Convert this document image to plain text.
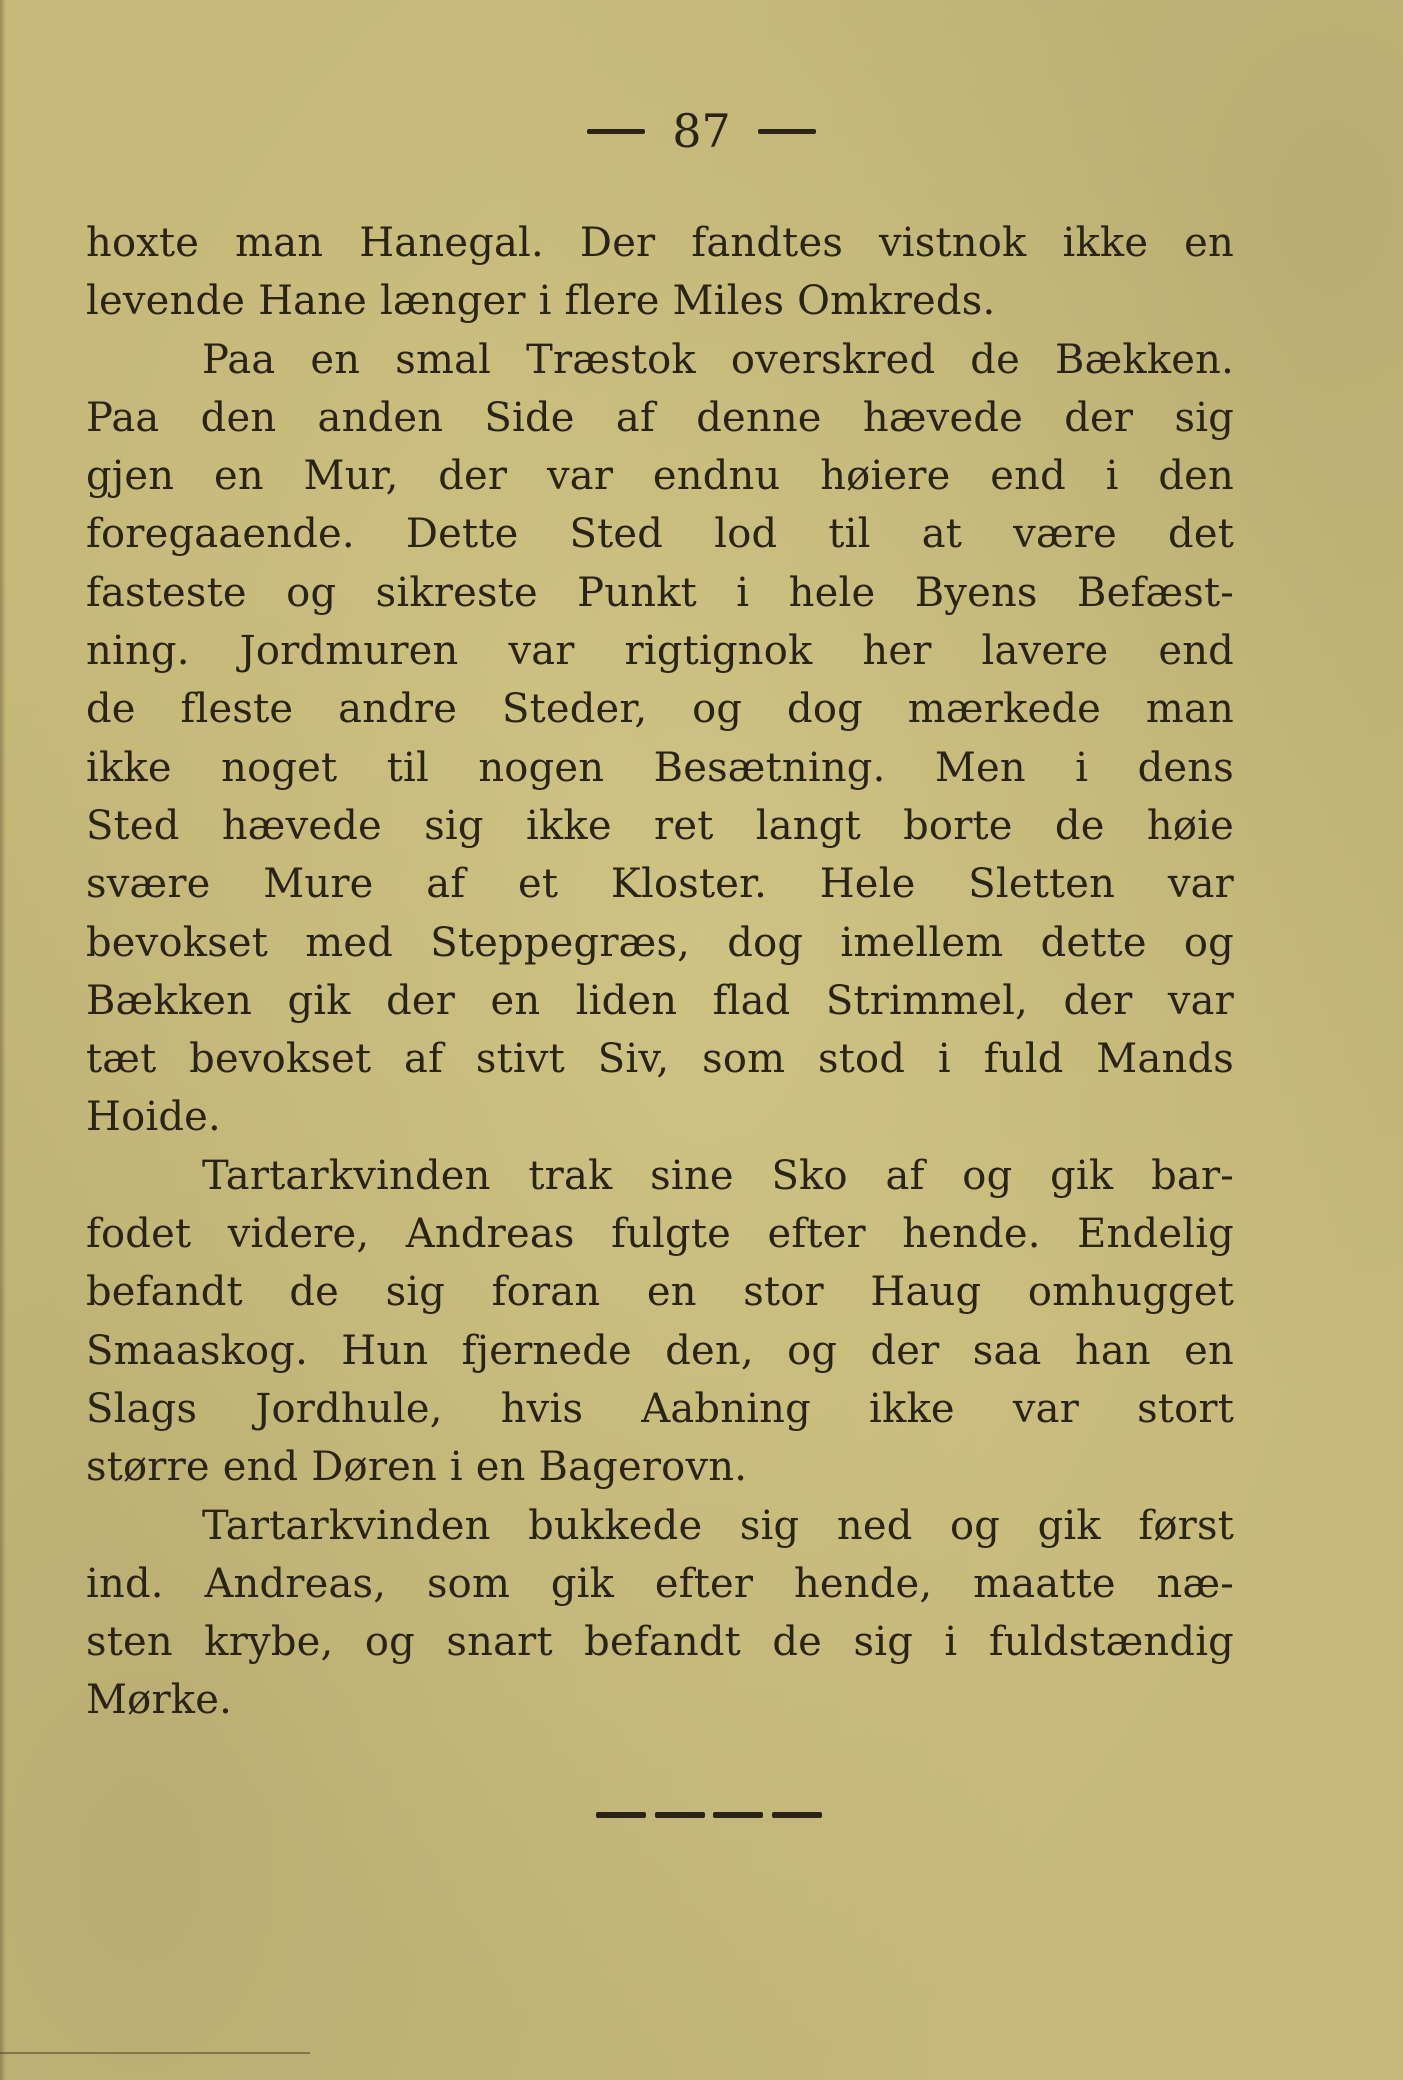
87
hoxte man Hanegal. Der fandtes vistnok ikke en
levende Hane længer i flere Miles Omkreds.
Paa en smal Træstok overskred de Bækken.
Paa den anden Side af denne hævede der sig
gjen en Mur, der var endnu høiere end i den
foregaaende. Dette Sted lod til at være det
fasteste og sikreste Punkt i hele Byens Befæst-
ning. Jordmuren var rigtignok her lavere end
de fleste andre Steder, og dog mærkede man
ikke noget til nogen Besætning. Men i dens
Sted hævede sig ikke ret langt borte de høie
svære Mure af et Kloster. Hele Sletten var
bevokset med Steppegræs, dog imellem dette og
Bækken gik der en liden flad Strimmel, der var
tæt bevokset af stivt Siv, som stod i fuld Mands
Hoide.
Tartarkvinden trak sine Sko af og gik bar-
fodet videre, Andreas fulgte efter hende. Endelig
befandt de sig foran en stor Haug omhugget
Smaaskog. Hun fjernede den, og der saa han en
Slags Jordhule, hvis Aabning ikke var stort
større end Døren i en Bagerovn.
Tartarkvinden bukkede sig ned og gik først
ind. Andreas, som gik efter hende, maatte næ-
sten krybe, og snart befandt de sig i fuldstændig
Mørke.
